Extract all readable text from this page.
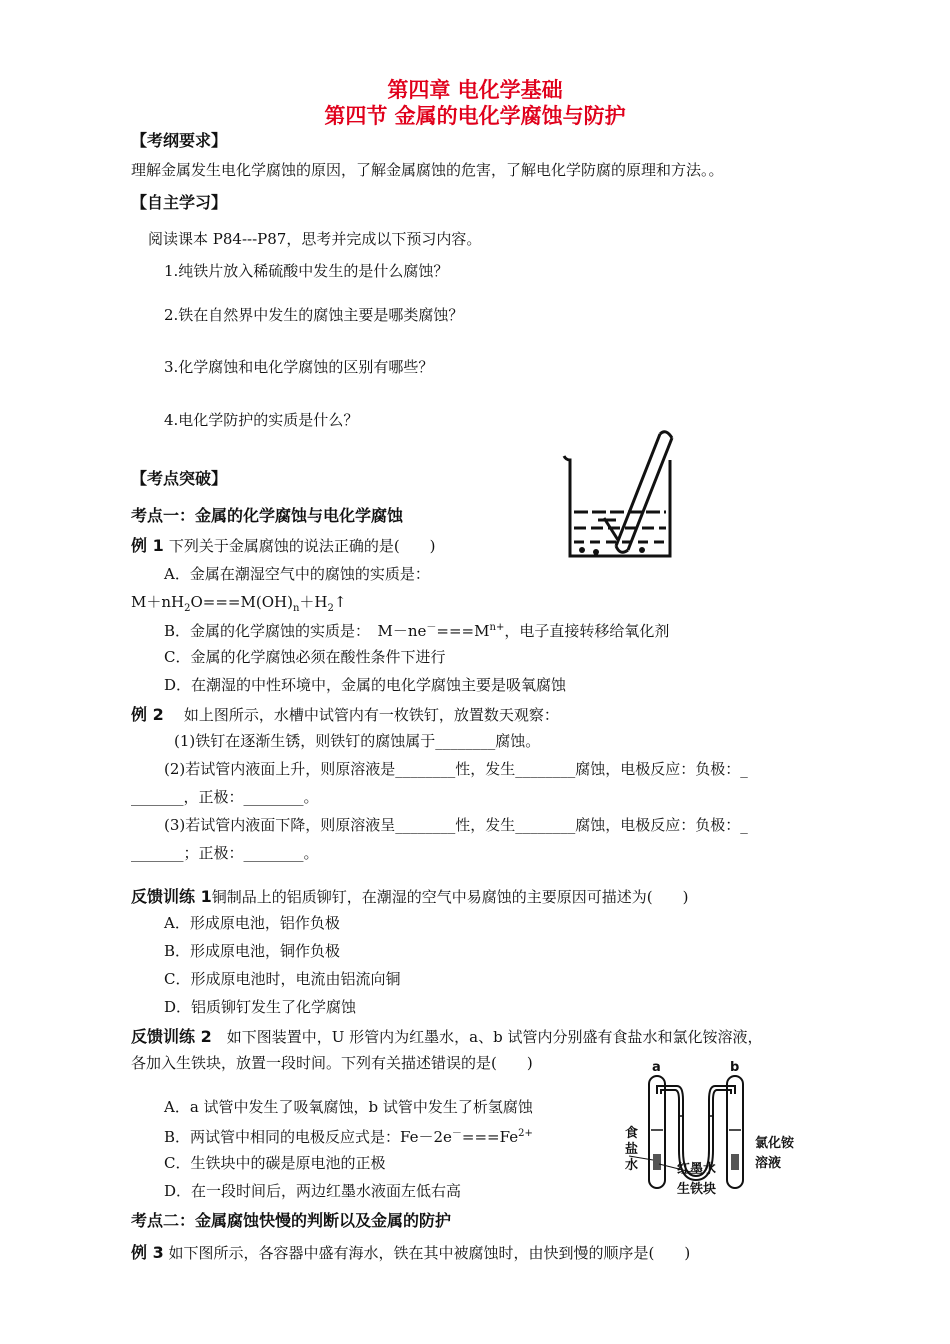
第四章 电化学基础
第四节 金属的电化学腐蚀与防护
【考纲要求】
理解金属发生电化学腐蚀的原因，了解金属腐蚀的危害，了解电化学防腐的原理和方法。。
【自主学习】
阅读课本 P84---P87，思考并完成以下预习内容。
1.纯铁片放入稀硫酸中发生的是什么腐蚀？
2.铁在自然界中发生的腐蚀主要是哪类腐蚀？
3.化学腐蚀和电化学腐蚀的区别有哪些？
4.电化学防护的实质是什么？
【考点突破】
考点一：金属的化学腐蚀与电化学腐蚀
例 1 下列关于金属腐蚀的说法正确的是(　　)
A．金属在潮湿空气中的腐蚀的实质是：
$M+nH_2O===M(OH)_n+H_2↑$
B．金属的化学腐蚀的实质是：　$M-ne^-===M^{n+}$，电子直接转移给氧化剂
C．金属的化学腐蚀必须在酸性条件下进行
D．在潮湿的中性环境中，金属的电化学腐蚀主要是吸氧腐蚀
例 2 　如上图所示，水槽中试管内有一枚铁钉，放置数天观察：
(1)铁钉在逐渐生锈，则铁钉的腐蚀属于________腐蚀。
(2)若试管内液面上升，则原溶液是________性，发生________腐蚀，电极反应：负极：_
_______，正极：________。
(3)若试管内液面下降，则原溶液呈________性，发生________腐蚀，电极反应：负极：_
_______；正极：________。
反馈训练 1铜制品上的铝质铆钉，在潮湿的空气中易腐蚀的主要原因可描述为(　　)
A．形成原电池，铝作负极
B．形成原电池，铜作负极
C．形成原电池时，电流由铝流向铜
D．铝质铆钉发生了化学腐蚀
反馈训练 2　如下图装置中，U 形管内为红墨水，a、b 试管内分别盛有食盐水和氯化铵溶液，
各加入生铁块，放置一段时间。下列有关描述错误的是(　　)
A．a 试管中发生了吸氧腐蚀，b 试管中发生了析氢腐蚀
B．两试管中相同的电极反应式是：$Fe-2e^-===Fe^{2+}$
C．生铁块中的碳是原电池的正极
D．在一段时间后，两边红墨水液面左低右高
a	b
食
盐
水
氯化铵
溶液
红墨水
生铁块
考点二：金属腐蚀快慢的判断以及金属的防护
例 3 如下图所示，各容器中盛有海水，铁在其中被腐蚀时，由快到慢的顺序是(　　)
